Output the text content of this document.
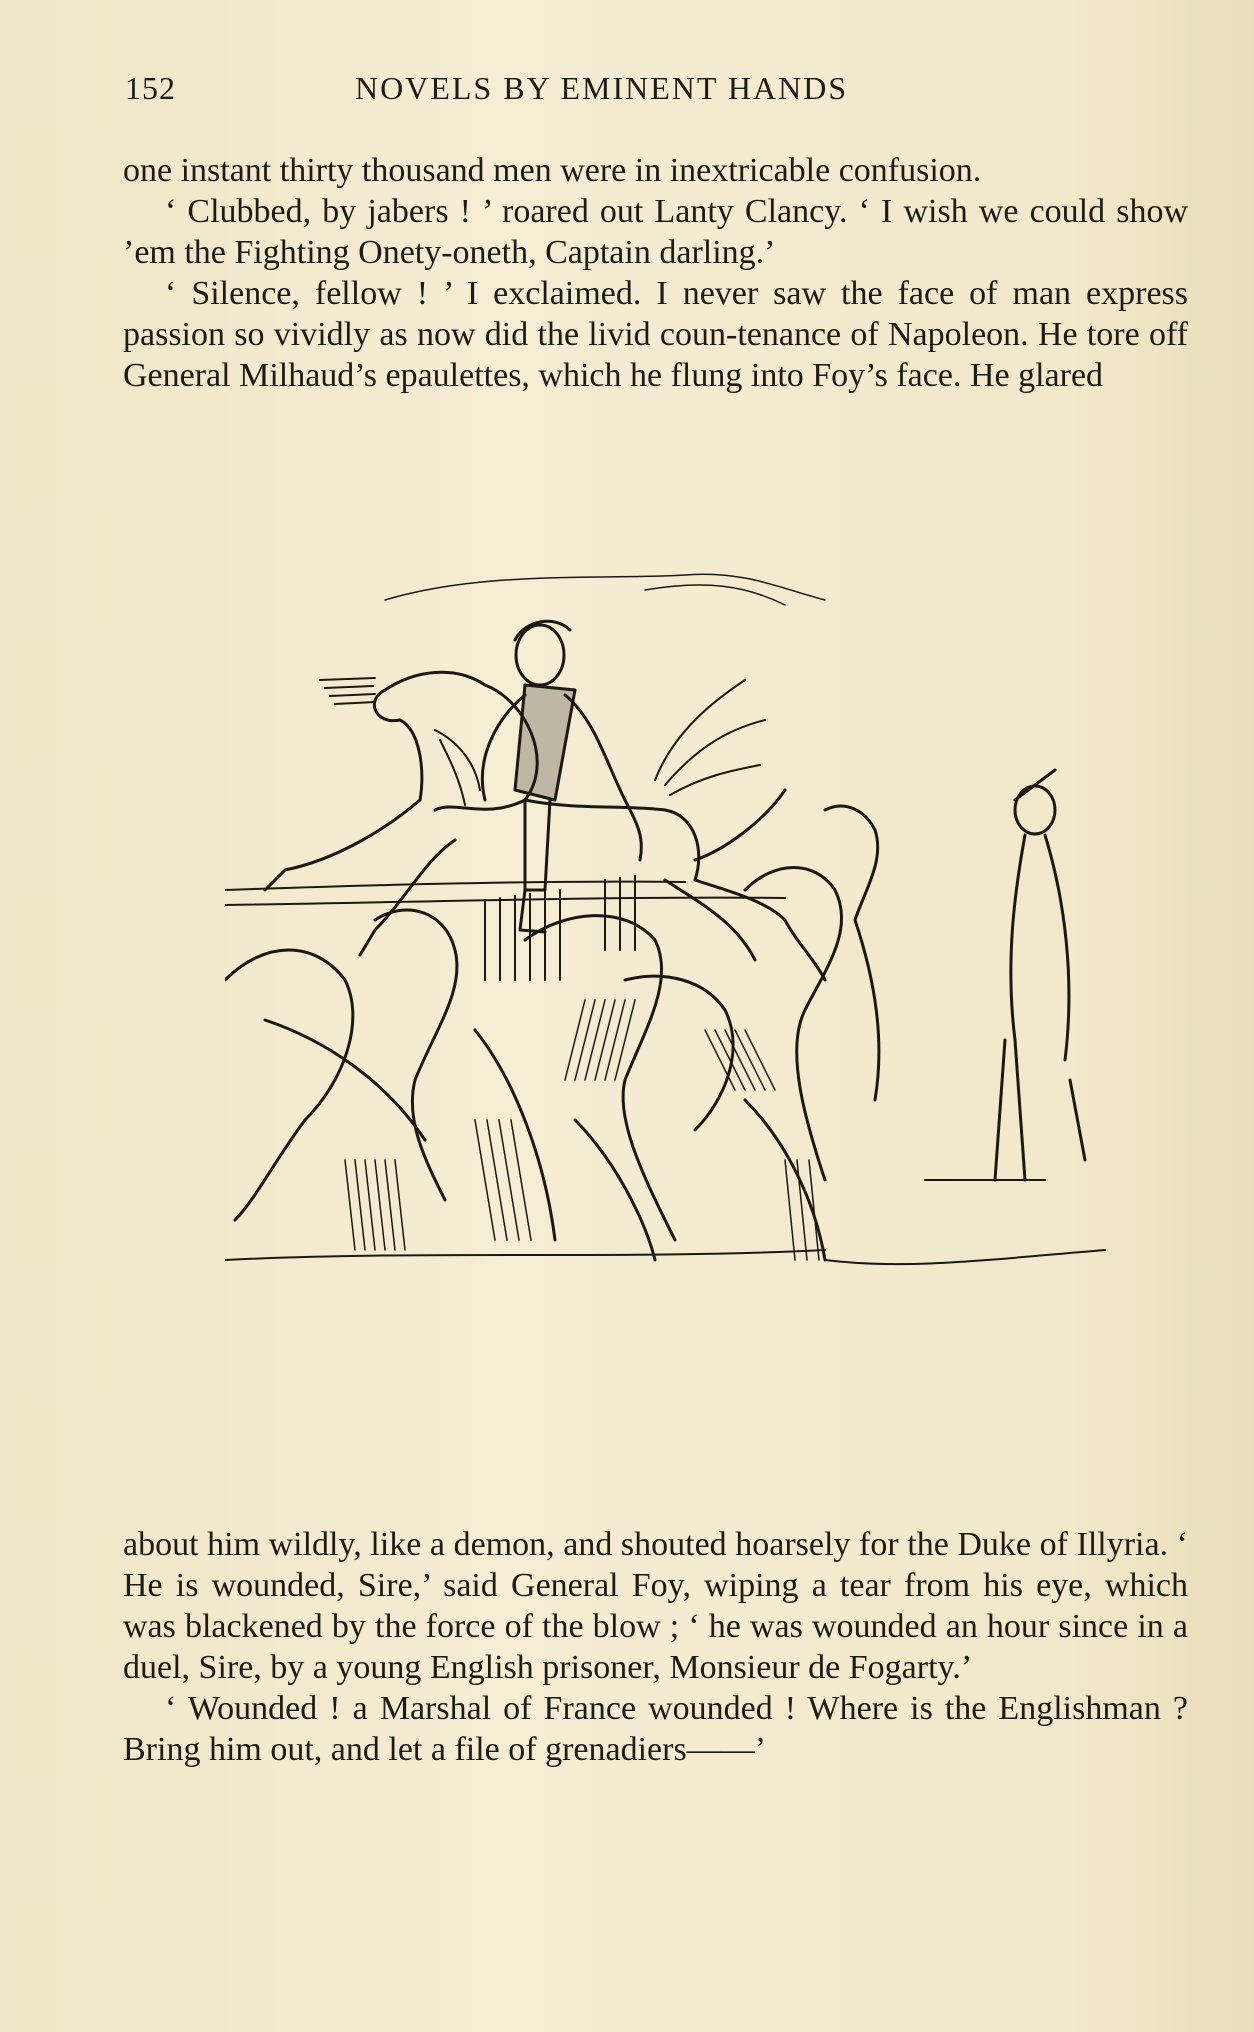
152	NOVELS BY EMINENT HANDS

one instant thirty thousand men were in inextricable confusion.

‘ Clubbed, by jabers ! ’ roared out Lanty Clancy. ‘ I wish we could show ’em the Fighting Onety-oneth, Captain darling.’

‘ Silence, fellow ! ’ I exclaimed. I never saw the face of man express passion so vividly as now did the livid coun-tenance of Napoleon. He tore off General Milhaud’s epaulettes, which he flung into Foy’s face. He glared

about him wildly, like a demon, and shouted hoarsely for the Duke of Illyria. ‘ He is wounded, Sire,’ said General Foy, wiping a tear from his eye, which was blackened by the force of the blow ; ‘ he was wounded an hour since in a duel, Sire, by a young English prisoner, Monsieur de Fogarty.’

‘ Wounded ! a Marshal of France wounded ! Where is the Englishman ? Bring him out, and let a file of grenadiers——’
